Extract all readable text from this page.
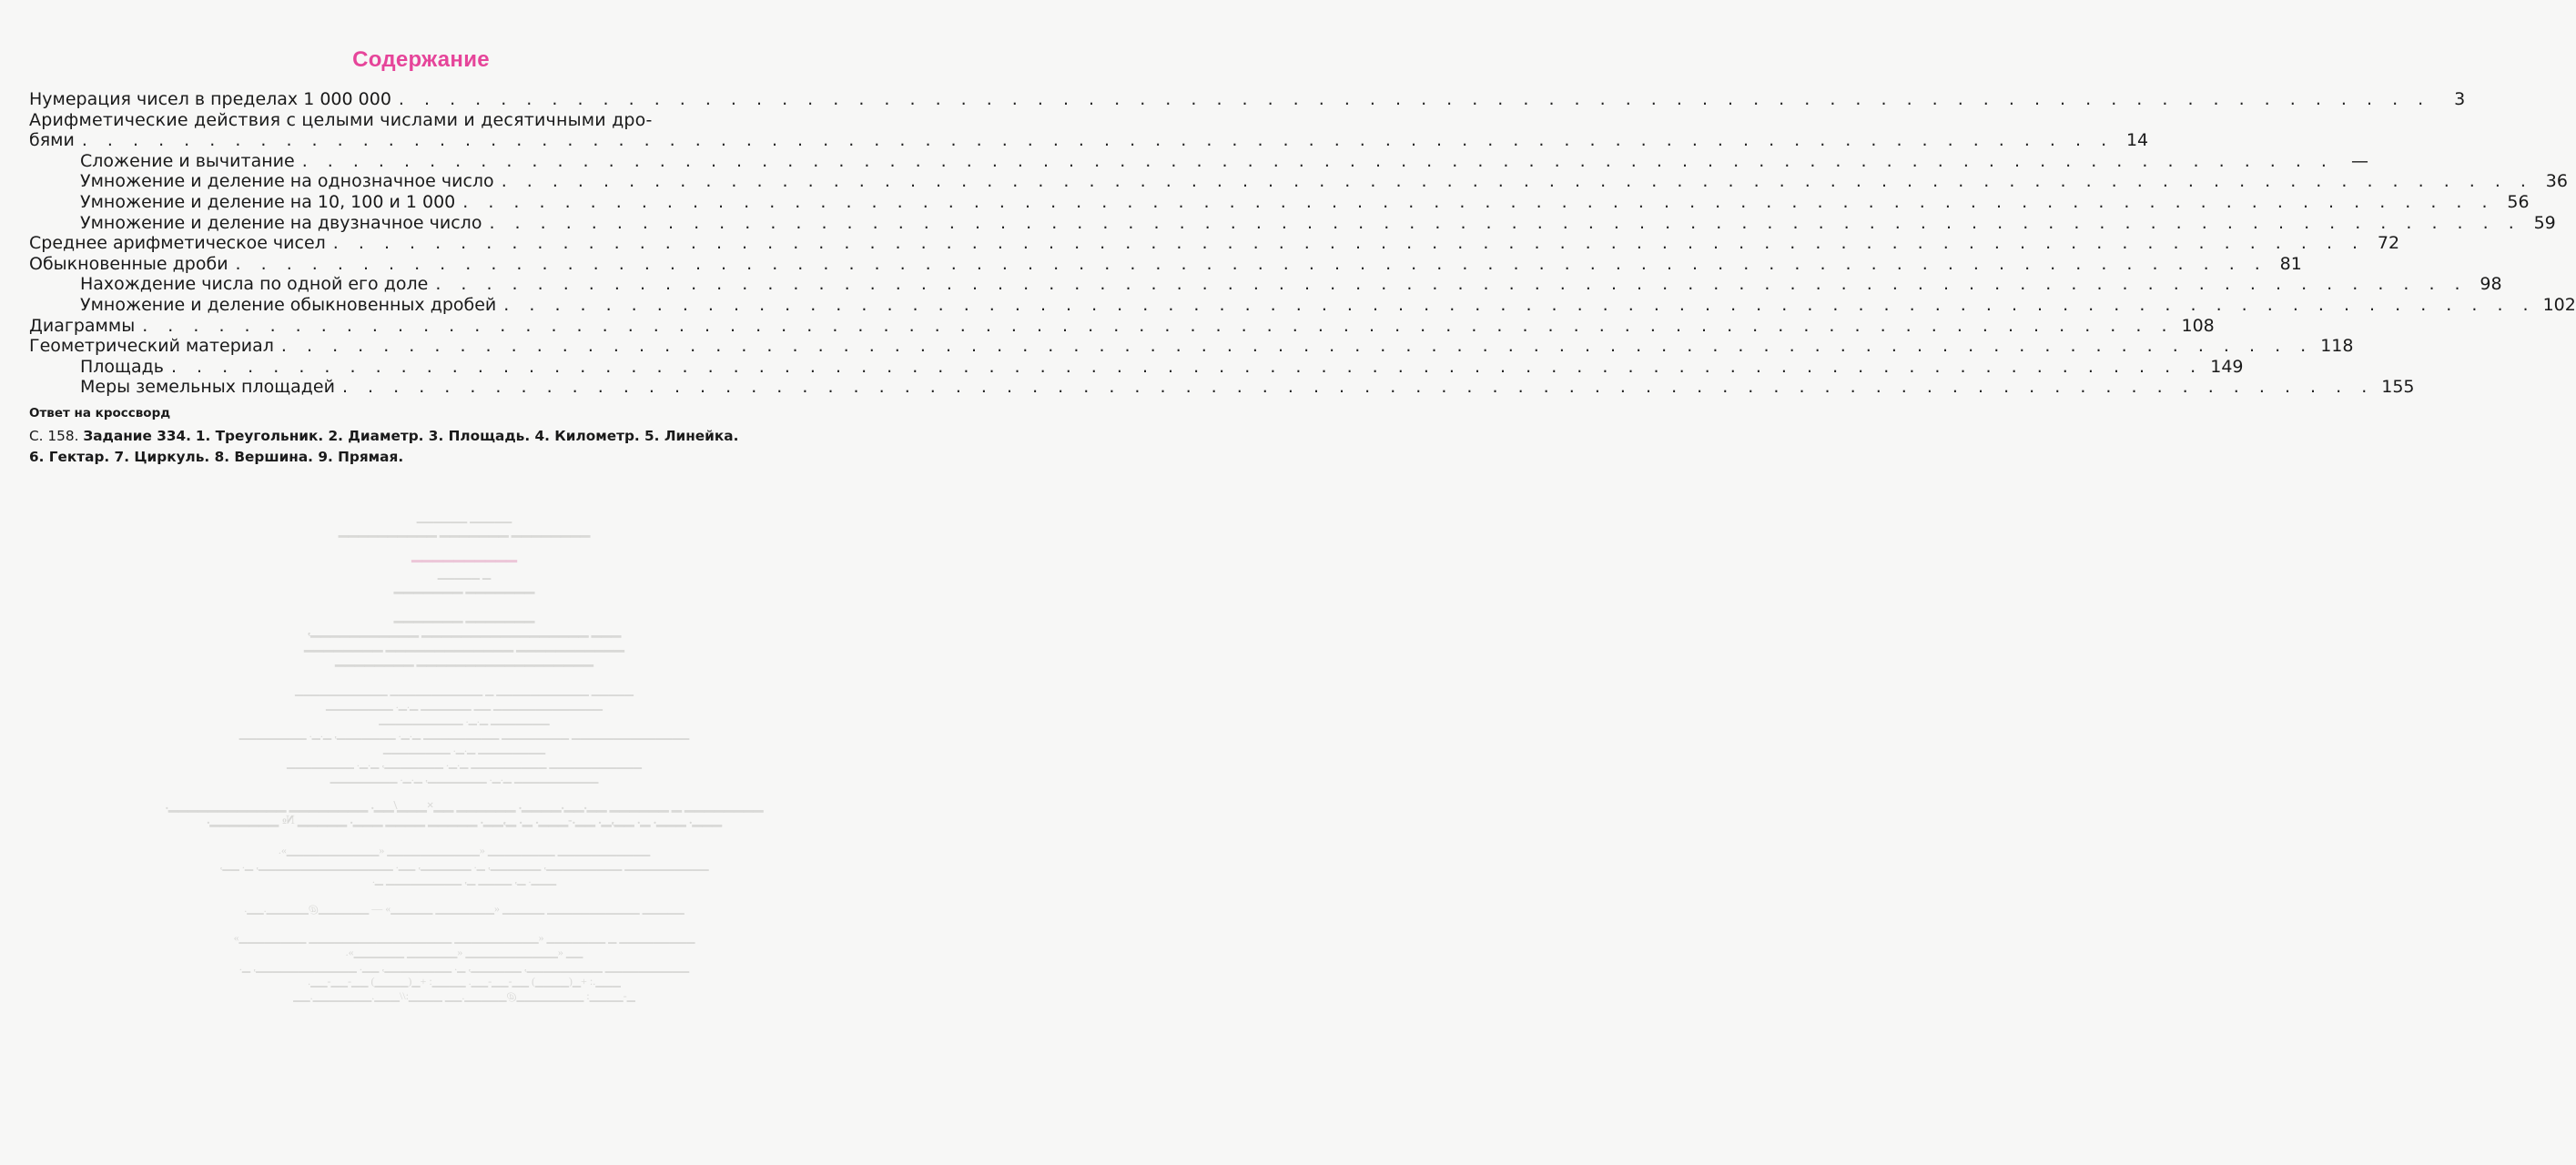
Содержание
Нумерация чисел в пределах 1 000 000 . . . . . . . . . . . . . . . . . . . . . . . . . . . . . . . . . . . . . . . . . . . . . . . . . . . . . . . . . . . . . . . . . . . . . . . . . . . . . . . .	3
Арифметические действия с целыми числами и десятичными дро-
бями . . . . . . . . . . . . . . . . . . . . . . . . . . . . . . . . . . . . . . . . . . . . . . . . . . . . . . . . . . . . . . . . . . . . . . . . . . . . . . . . 14
Сложение и вычитание . . . . . . . . . . . . . . . . . . . . . . . . . . . . . . . . . . . . . . . . . . . . . . . . . . . . . . . . . . . . . . . . . . . . . . . . . . . . . . . .	—
Умножение и деление на однозначное число . . . . . . . . . . . . . . . . . . . . . . . . . . . . . . . . . . . . . . . . . . . . . . . . . . . . . . . . . . . . . . . . . . . . . . . . . . . . . . . . 36
Умножение и деление на 10, 100 и 1 000 . . . . . . . . . . . . . . . . . . . . . . . . . . . . . . . . . . . . . . . . . . . . . . . . . . . . . . . . . . . . . . . . . . . . . . . . . . . . . . . . 56
Умножение и деление на двузначное число . . . . . . . . . . . . . . . . . . . . . . . . . . . . . . . . . . . . . . . . . . . . . . . . . . . . . . . . . . . . . . . . . . . . . . . . . . . . . . . . 59
Среднее арифметическое чисел . . . . . . . . . . . . . . . . . . . . . . . . . . . . . . . . . . . . . . . . . . . . . . . . . . . . . . . . . . . . . . . . . . . . . . . . . . . . . . . . 72
Обыкновенные дроби . . . . . . . . . . . . . . . . . . . . . . . . . . . . . . . . . . . . . . . . . . . . . . . . . . . . . . . . . . . . . . . . . . . . . . . . . . . . . . . . 81
Нахождение числа по одной его доле . . . . . . . . . . . . . . . . . . . . . . . . . . . . . . . . . . . . . . . . . . . . . . . . . . . . . . . . . . . . . . . . . . . . . . . . . . . . . . . . 98
Умножение и деление обыкновенных дробей . . . . . . . . . . . . . . . . . . . . . . . . . . . . . . . . . . . . . . . . . . . . . . . . . . . . . . . . . . . . . . . . . . . . . . . . . . . . . . . . 102
Диаграммы . . . . . . . . . . . . . . . . . . . . . . . . . . . . . . . . . . . . . . . . . . . . . . . . . . . . . . . . . . . . . . . . . . . . . . . . . . . . . . . . 108
Геометрический материал . . . . . . . . . . . . . . . . . . . . . . . . . . . . . . . . . . . . . . . . . . . . . . . . . . . . . . . . . . . . . . . . . . . . . . . . . . . . . . . . 118
Площадь . . . . . . . . . . . . . . . . . . . . . . . . . . . . . . . . . . . . . . . . . . . . . . . . . . . . . . . . . . . . . . . . . . . . . . . . . . . . . . . . 149
Меры земельных площадей . . . . . . . . . . . . . . . . . . . . . . . . . . . . . . . . . . . . . . . . . . . . . . . . . . . . . . . . . . . . . . . . . . . . . . . . . . . . . . . . 155
Ответ на кроссворд
С. 158. Задание 334. 1. Треугольник. 2. Диаметр. 3. Площадь. 4. Километр. 5. Линейка.
6. Гектар. 7. Циркуль. 8. Вершина. 9. Прямая.

▁▁▁▁▁ ▁▁▁▁▁▁

▁▁▁▁▁▁▁▁ ▁▁▁▁▁▁▁ ▁▁▁▁▁▁▁▁▁▁

▁▁▁▁▁▁▁▁▁▁

▁ ▁▁▁▁▁

▁▁▁▁▁▁▁ ▁▁▁▁▁▁▁

▁▁▁▁▁▁▁ ▁▁▁▁▁▁▁

▁▁▁ ▁▁▁▁▁▁▁▁▁▁▁▁▁▁▁▁▁ ▁▁▁▁▁▁▁▁▁▁▁,

▁▁▁▁▁▁▁▁▁▁▁ ▁▁▁▁▁▁▁▁▁▁▁▁▁ ▁▁▁▁▁▁▁▁

▁▁▁▁▁▁▁▁▁▁▁▁▁▁▁▁▁▁ ▁▁▁▁▁▁▁▁

▁▁▁▁▁ ▁▁▁▁▁▁▁▁▁▁▁ ▁ ▁▁▁▁▁▁▁▁▁▁▁ ▁▁▁▁▁▁▁▁▁▁▁

▁▁▁▁▁▁▁▁▁▁▁▁▁ ▁▁ ▁▁▁▁▁▁ ▁.▁. ▁▁▁▁▁▁▁▁

▁▁▁▁▁▁▁ ▁.▁. ▁▁▁▁▁▁▁▁▁▁

▁▁▁▁▁▁▁▁▁▁▁▁▁▁ ▁▁▁▁▁▁▁▁ ▁▁▁▁▁▁▁▁▁ ▁.▁. ▁▁▁▁▁▁▁, ▁.▁. ▁▁▁▁▁▁▁▁

▁▁▁▁▁▁▁▁ ▁.▁. ▁▁▁▁▁▁▁▁

▁▁▁▁▁▁▁▁▁▁▁ ▁▁▁▁▁▁▁▁▁ ▁.▁. ▁▁▁▁▁▁▁, ▁.▁. ▁▁▁▁▁▁▁▁

▁▁▁▁▁▁▁▁▁▁ ▁.▁. ▁▁▁▁▁▁▁, ▁.▁. ▁▁▁▁▁▁▁▁

▁▁▁▁▁▁▁▁ ▁ ▁▁▁▁▁▁ ▁▁.▁▁.▁▁▁▁. ▁▁▁▁▁▁ ▁▁×▁▁▁/▁▁. ▁▁▁▁▁▁▁▁ ▁▁▁▁▁▁▁▁▁▁▁▁.

▁▁▁. ▁▁▁. ▁. ▁▁,▁. ▁▁.-▁▁▁. ▁. ▁,▁▁. ▁▁▁▁▁ ▁▁▁▁ ▁▁▁. ▁▁▁▁▁ № ▁▁▁▁▁▁▁.

▁▁▁▁▁▁▁▁▁▁▁ ▁▁▁▁▁▁▁▁ «▁▁▁▁▁▁▁▁▁▁▁ «▁▁▁▁▁▁▁▁▁▁▁».

▁▁▁▁▁▁▁▁▁▁ ▁▁▁▁▁▁▁▁▁, ▁▁▁▁▁▁, ▁. ▁▁▁▁▁▁, ▁▁. ▁▁▁▁▁▁▁▁▁▁▁▁▁▁▁▁, ▁. ▁▁,

▁▁▁. ▁, ▁▁▁▁ ▁, ▁▁▁▁▁▁▁▁▁ ▁.

▁▁▁▁▁ ▁▁▁▁▁▁▁▁▁▁▁ ▁▁▁▁▁ «▁▁▁▁▁▁▁ ▁▁▁▁▁» — ▁▁▁▁▁▁@▁▁▁▁▁.▁▁.

▁▁▁▁▁▁▁▁▁ ▁ ▁▁▁▁▁▁▁ «▁▁▁▁▁▁▁▁▁▁ ▁▁▁▁▁▁▁▁▁▁▁▁▁▁▁▁▁ ▁▁▁▁▁▁▁▁»

▁▁ «▁▁▁▁▁▁▁▁▁▁▁ «▁▁▁▁▁▁ ▁▁▁▁▁▁».

▁▁▁▁▁▁▁▁▁▁ ▁▁▁▁▁▁▁▁▁, ▁▁▁▁▁▁, ▁. ▁▁▁▁▁▁▁▁, ▁▁. ▁▁▁▁▁▁▁▁▁▁▁▁, ▁.

▁▁▁.: +▁(▁▁▁▁) ▁▁-▁▁-▁▁. ▁▁▁▁: +▁(▁▁▁▁) ▁▁-▁▁-▁▁.

▁-▁▁▁▁: ▁▁▁▁▁▁▁▁@▁▁▁▁▁.▁▁ ▁▁▁▁://▁▁▁.▁▁▁▁▁▁▁.▁▁
